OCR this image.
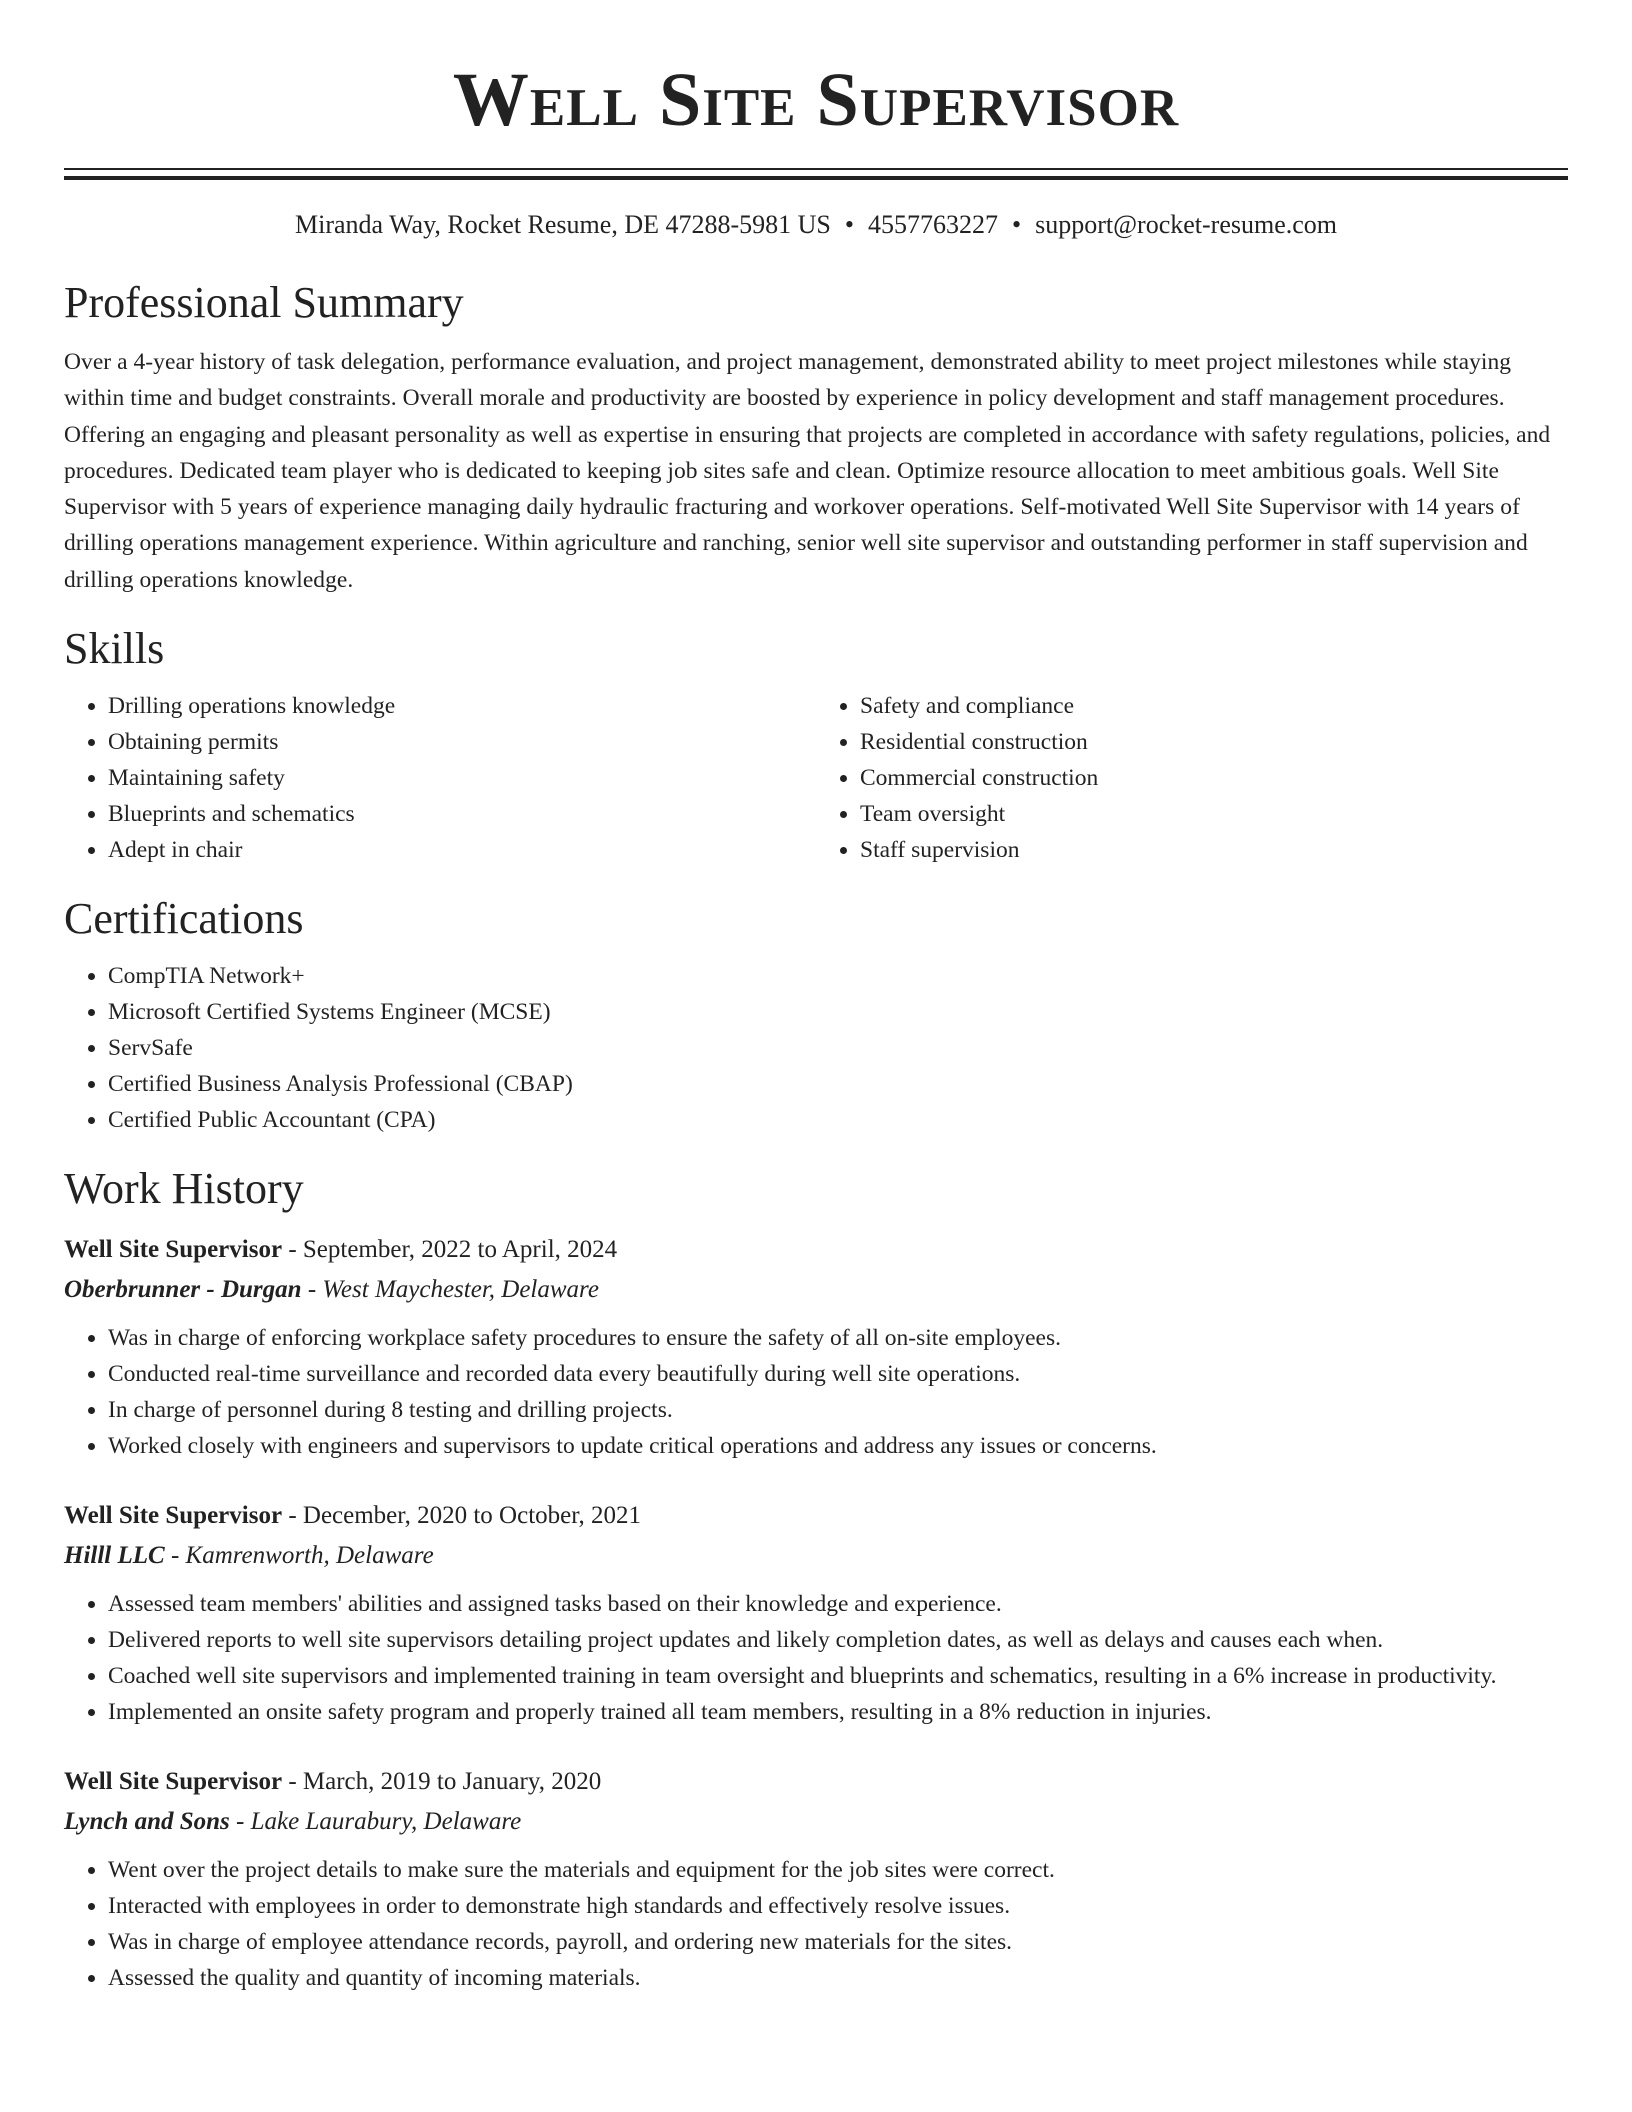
Well Site Supervisor
Miranda Way, Rocket Resume, DE 47288-5981 US • 4557763227 • support@rocket-resume.com
Professional Summary

Over a 4-year history of task delegation, performance evaluation, and project management, demonstrated ability to meet project milestones while staying within time and budget constraints. Overall morale and productivity are boosted by experience in policy development and staff management procedures. Offering an engaging and pleasant personality as well as expertise in ensuring that projects are completed in accordance with safety regulations, policies, and procedures. Dedicated team player who is dedicated to keeping job sites safe and clean. Optimize resource allocation to meet ambitious goals. Well Site Supervisor with 5 years of experience managing daily hydraulic fracturing and workover operations. Self-motivated Well Site Supervisor with 14 years of drilling operations management experience. Within agriculture and ranching, senior well site supervisor and outstanding performer in staff supervision and drilling operations knowledge.

Skills
• Drilling operations knowledge
• Obtaining permits
• Maintaining safety
• Blueprints and schematics
• Adept in chair
• Safety and compliance
• Residential construction
• Commercial construction
• Team oversight
• Staff supervision
Certifications
• CompTIA Network+
• Microsoft Certified Systems Engineer (MCSE)
• ServSafe
• Certified Business Analysis Professional (CBAP)
• Certified Public Accountant (CPA)
Work History
Well Site Supervisor - September, 2022 to April, 2024
Oberbrunner - Durgan - West Maychester, Delaware
• Was in charge of enforcing workplace safety procedures to ensure the safety of all on-site employees.
• Conducted real-time surveillance and recorded data every beautifully during well site operations.
• In charge of personnel during 8 testing and drilling projects.
• Worked closely with engineers and supervisors to update critical operations and address any issues or concerns.
Well Site Supervisor - December, 2020 to October, 2021
Hilll LLC - Kamrenworth, Delaware
• Assessed team members' abilities and assigned tasks based on their knowledge and experience.
• Delivered reports to well site supervisors detailing project updates and likely completion dates, as well as delays and causes each when.
• Coached well site supervisors and implemented training in team oversight and blueprints and schematics, resulting in a 6% increase in productivity.
• Implemented an onsite safety program and properly trained all team members, resulting in a 8% reduction in injuries.
Well Site Supervisor - March, 2019 to January, 2020
Lynch and Sons - Lake Laurabury, Delaware
• Went over the project details to make sure the materials and equipment for the job sites were correct.
• Interacted with employees in order to demonstrate high standards and effectively resolve issues.
• Was in charge of employee attendance records, payroll, and ordering new materials for the sites.
• Assessed the quality and quantity of incoming materials.
